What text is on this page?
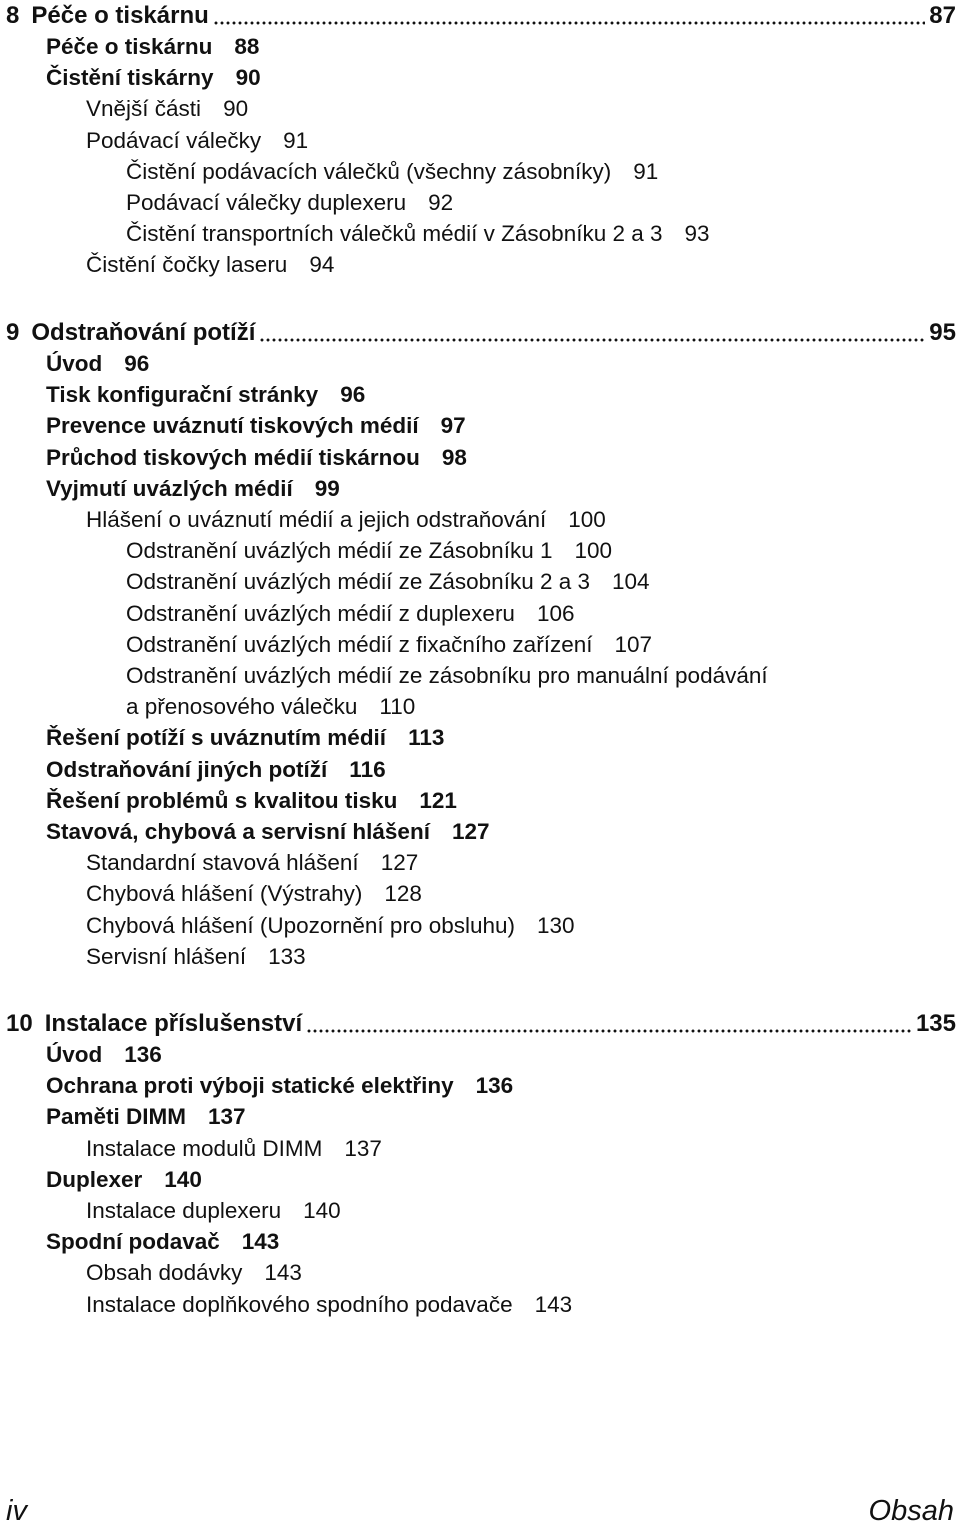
8 Péče o tiskárnu	87
Péče o tiskárnu 88
Čistění tiskárny 90
Vnější části 90
Podávací válečky 91
Čistění podávacích válečků (všechny zásobníky) 91
Podávací válečky duplexeru 92
Čistění transportních válečků médií v Zásobníku 2 a 3 93
Čistění čočky laseru 94
9 Odstraňování potíží	95
Úvod 96
Tisk konfigurační stránky 96
Prevence uváznutí tiskových médií 97
Průchod tiskových médií tiskárnou 98
Vyjmutí uvázlých médií 99
Hlášení o uváznutí médií a jejich odstraňování 100
Odstranění uvázlých médií ze Zásobníku 1 100
Odstranění uvázlých médií ze Zásobníku 2 a 3 104
Odstranění uvázlých médií z duplexeru 106
Odstranění uvázlých médií z fixačního zařízení 107
Odstranění uvázlých médií ze zásobníku pro manuální podávání
a přenosového válečku 110
Řešení potíží s uváznutím médií 113
Odstraňování jiných potíží 116
Řešení problémů s kvalitou tisku 121
Stavová, chybová a servisní hlášení 127
Standardní stavová hlášení 127
Chybová hlášení (Výstrahy) 128
Chybová hlášení (Upozornění pro obsluhu) 130
Servisní hlášení 133
10 Instalace příslušenství	135
Úvod 136
Ochrana proti výboji statické elektřiny 136
Paměti DIMM 137
Instalace modulů DIMM 137
Duplexer 140
Instalace duplexeru 140
Spodní podavač 143
Obsah dodávky 143
Instalace doplňkového spodního podavače 143
iv	Obsah
